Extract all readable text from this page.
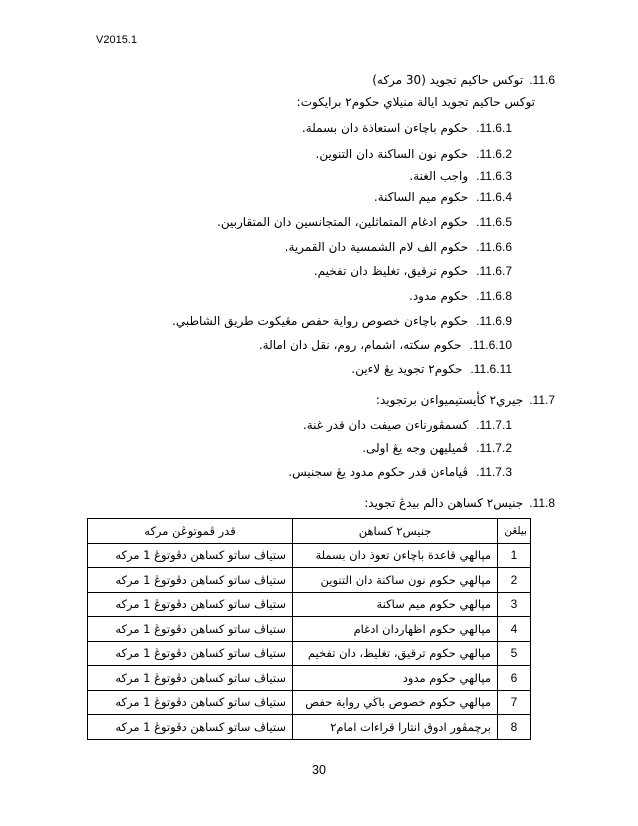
V2015.1
11.6.
توكس حاكيم تجويد (30 مركه)
توكس حاكيم تجويد ايالة منيلاي حكوم٢ برايكوت:
11.6.1.
حكوم باچاءن استعاذة دان بسملة.
11.6.2.
حكوم نون الساكنة دان التنوين.
11.6.3.
واجب الغنة.
11.6.4.
حكوم ميم الساكنة.
11.6.5.
حكوم ادغام المتماثلين، المتجانسين دان المتقاربين.
11.6.6.
حكوم الف لام الشمسية دان القمرية.
11.6.7.
حكوم ترقيق، تغليظ دان تفخيم.
11.6.8.
حكوم مدود.
11.6.9.
حكوم باچاءن خصوص رواية حفص مڠيكوت طريق الشاطبي.
11.6.10.
حكوم سكته، اشمام، روم، نقل دان امالة.
11.6.11.
حكوم٢ تجويد يڠ لاءين.
11.7.
جيري٢ كأيستيميواءن برتجويد:
11.7.1.
كسمڤورناءن صيفت دان قدر غنة.
11.7.2.
ڤميليهن وجه يڠ اولى.
11.7.3.
ڤياماءن قدر حكوم مدود يڠ سجنيس.
11.8.
جنيس٢ كساهن دالم بيدڠ تجويد:
بيلڠن	جنيس٢ كساهن	قدر ڤموتوڠن مركه
1	مڽالهي قاعدة باچاءن تعوذ دان بسملة	ستياڤ ساتو كساهن دڤوتوڠ 1 مركه
2	مڽالهي حكوم نون ساكنة دان التنوين	ستياڤ ساتو كساهن دڤوتوڠ 1 مركه
3	مڽالهي حكوم ميم ساكنة	ستياڤ ساتو كساهن دڤوتوڠ 1 مركه
4	مڽالهي حكوم اظهاردان ادغام	ستياڤ ساتو كساهن دڤوتوڠ 1 مركه
5	مڽالهي حكوم ترقيق، تغليظ، دان تفخيم	ستياڤ ساتو كساهن دڤوتوڠ 1 مركه
6	مڽالهي حكوم مدود	ستياڤ ساتو كساهن دڤوتوڠ 1 مركه
7	مڽالهي حكوم خصوص باڬي رواية حفص	ستياڤ ساتو كساهن دڤوتوڠ 1 مركه
8	برچمڤور ادوق انتارا قراءات امام٢	ستياڤ ساتو كساهن دڤوتوڠ 1 مركه
30
